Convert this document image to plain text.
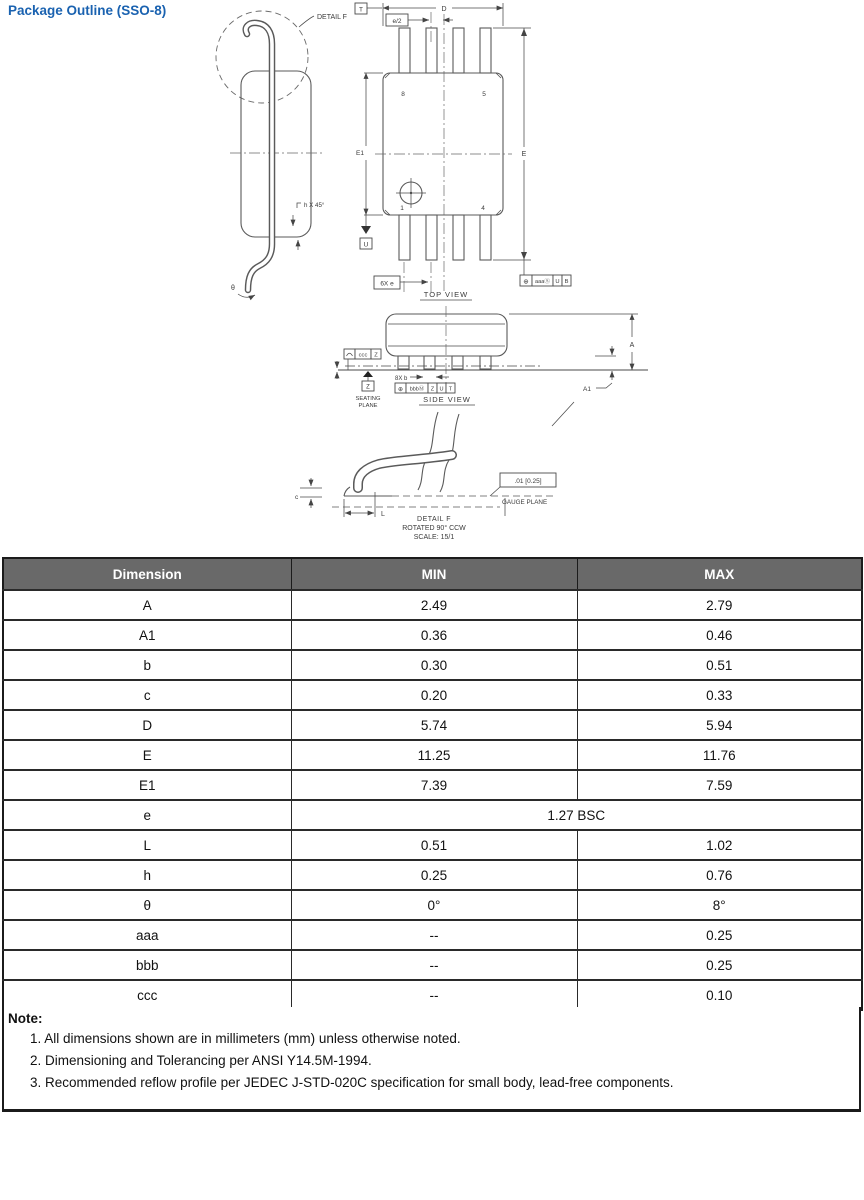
Package Outline (SSO-8)	DETAIL F
h X 45°
θ
T	D
e/2
8	5
1	4
E1
U
E
⊕ aaaⓈ U B
6X e
TOP VIEW
ccc Z
Z
SEATING
PLANE
8X b
⊕ bbbⓂ Z U T
A
A1
SIDE VIEW
.01 [0.25]
GAUGE PLANE
L
c
DETAIL F
ROTATED 90° CCW
SCALE: 15/1
Dimension	MIN	MAX
A	2.49	2.79
A1	0.36	0.46
b	0.30	0.51
c	0.20	0.33
D	5.74	5.94
E	11.25	11.76
E1	7.39	7.59
e	1.27 BSC	
L	0.51	1.02
h	0.25	0.76
θ	0°	8°
aaa	--	0.25
bbb	--	0.25
ccc	--	0.10
Note:
1. All dimensions shown are in millimeters (mm) unless otherwise noted.
2. Dimensioning and Tolerancing per ANSI Y14.5M-1994.
3. Recommended reflow profile per JEDEC J-STD-020C specification for small body, lead-free components.
